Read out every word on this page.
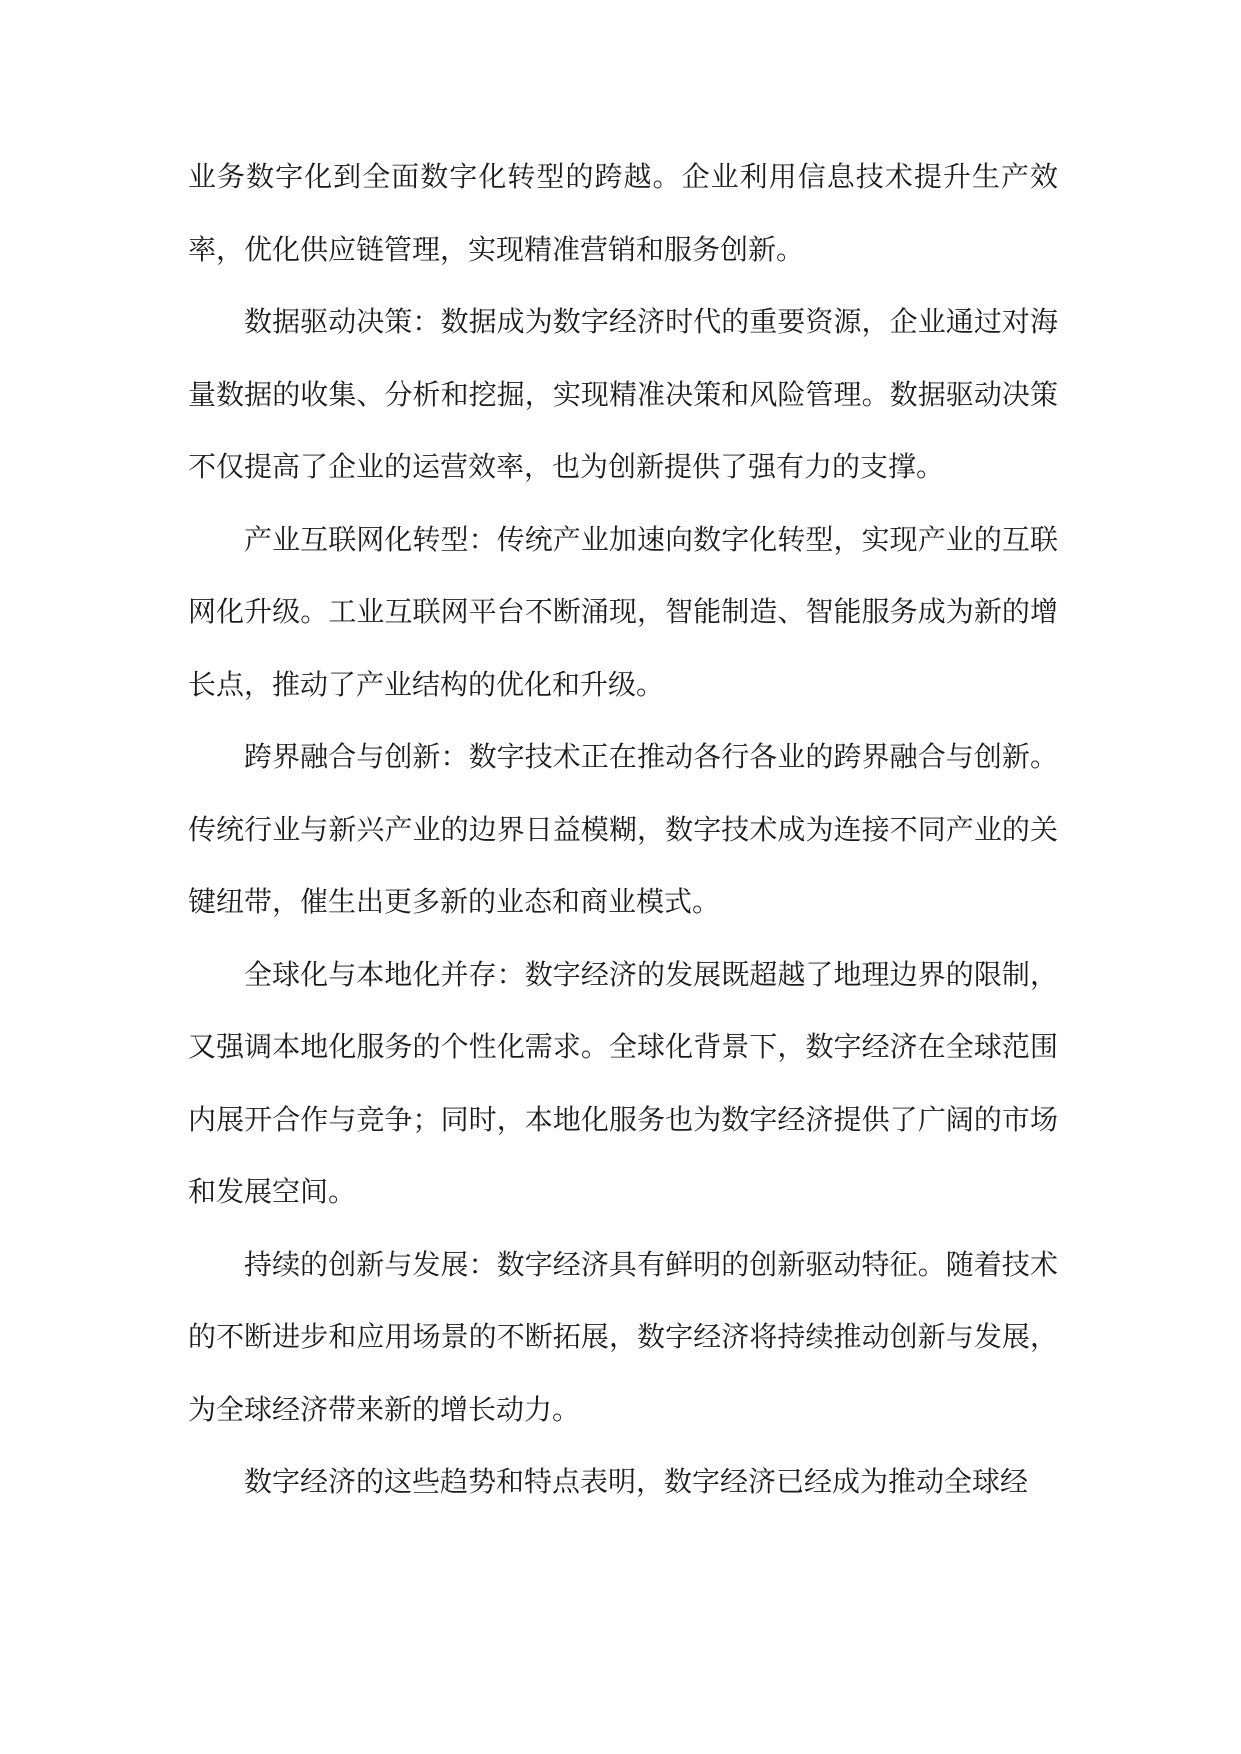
业务数字化到全面数字化转型的跨越。企业利用信息技术提升生产效率，优化供应链管理，实现精准营销和服务创新。

数据驱动决策：数据成为数字经济时代的重要资源，企业通过对海量数据的收集、分析和挖掘，实现精准决策和风险管理。数据驱动决策不仅提高了企业的运营效率，也为创新提供了强有力的支撑。

产业互联网化转型：传统产业加速向数字化转型，实现产业的互联网化升级。工业互联网平台不断涌现，智能制造、智能服务成为新的增长点，推动了产业结构的优化和升级。

跨界融合与创新：数字技术正在推动各行各业的跨界融合与创新。传统行业与新兴产业的边界日益模糊，数字技术成为连接不同产业的关键纽带，催生出更多新的业态和商业模式。

全球化与本地化并存：数字经济的发展既超越了地理边界的限制，又强调本地化服务的个性化需求。全球化背景下，数字经济在全球范围内展开合作与竞争；同时，本地化服务也为数字经济提供了广阔的市场和发展空间。

持续的创新与发展：数字经济具有鲜明的创新驱动特征。随着技术的不断进步和应用场景的不断拓展，数字经济将持续推动创新与发展，为全球经济带来新的增长动力。

数字经济的这些趋势和特点表明，数字经济已经成为推动全球经
